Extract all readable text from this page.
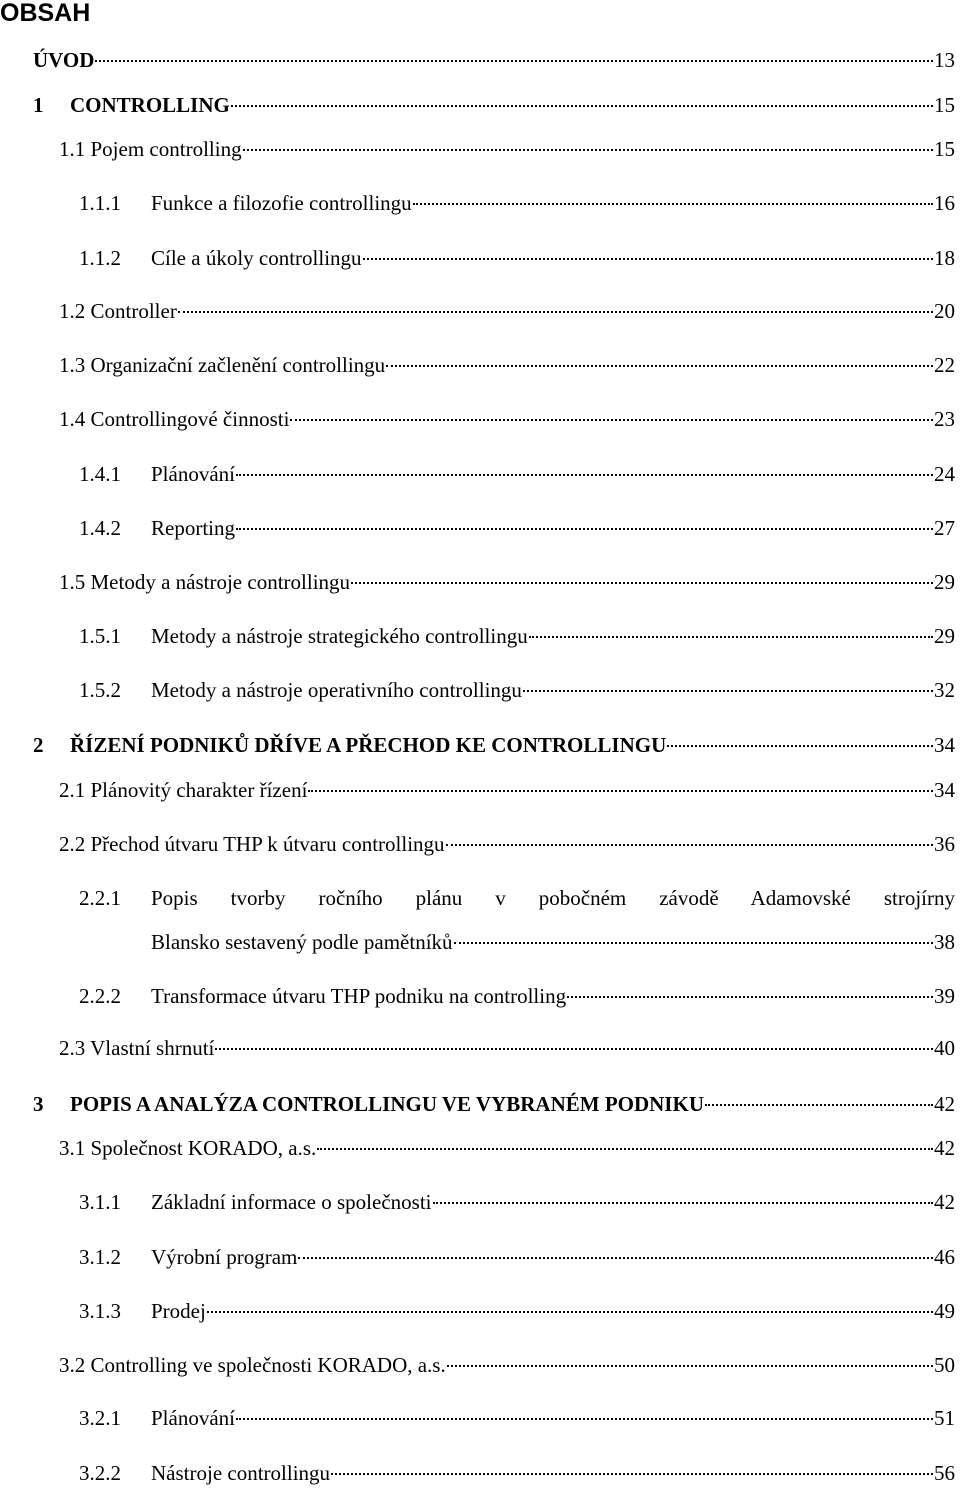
OBSAH
ÚVOD	13
1	CONTROLLING	15
1.1 Pojem controlling	15
1.1.1	Funkce a filozofie controllingu	16
1.1.2	Cíle a úkoly controllingu	18
1.2 Controller	20
1.3 Organizační začlenění controllingu	22
1.4 Controllingové činnosti	23
1.4.1	Plánování	24
1.4.2	Reporting	27
1.5 Metody a nástroje controllingu	29
1.5.1	Metody a nástroje strategického controllingu	29
1.5.2	Metody a nástroje operativního controllingu	32
2	ŘÍZENÍ PODNIKŮ DŘÍVE A PŘECHOD KE CONTROLLINGU	34
2.1 Plánovitý charakter řízení	34
2.2 Přechod útvaru THP k útvaru controllingu	36
2.2.1	Popis tvorby ročního plánu v pobočném závodě Adamovské strojírny
Blansko sestavený podle pamětníků	38
2.2.2	Transformace útvaru THP podniku na controlling	39
2.3 Vlastní shrnutí	40
3	POPIS A ANALÝZA CONTROLLINGU VE VYBRANÉM PODNIKU	42
3.1 Společnost KORADO, a.s.	42
3.1.1	Základní informace o společnosti	42
3.1.2	Výrobní program	46
3.1.3	Prodej	49
3.2 Controlling ve společnosti KORADO, a.s.	50
3.2.1	Plánování	51
3.2.2	Nástroje controllingu	56
